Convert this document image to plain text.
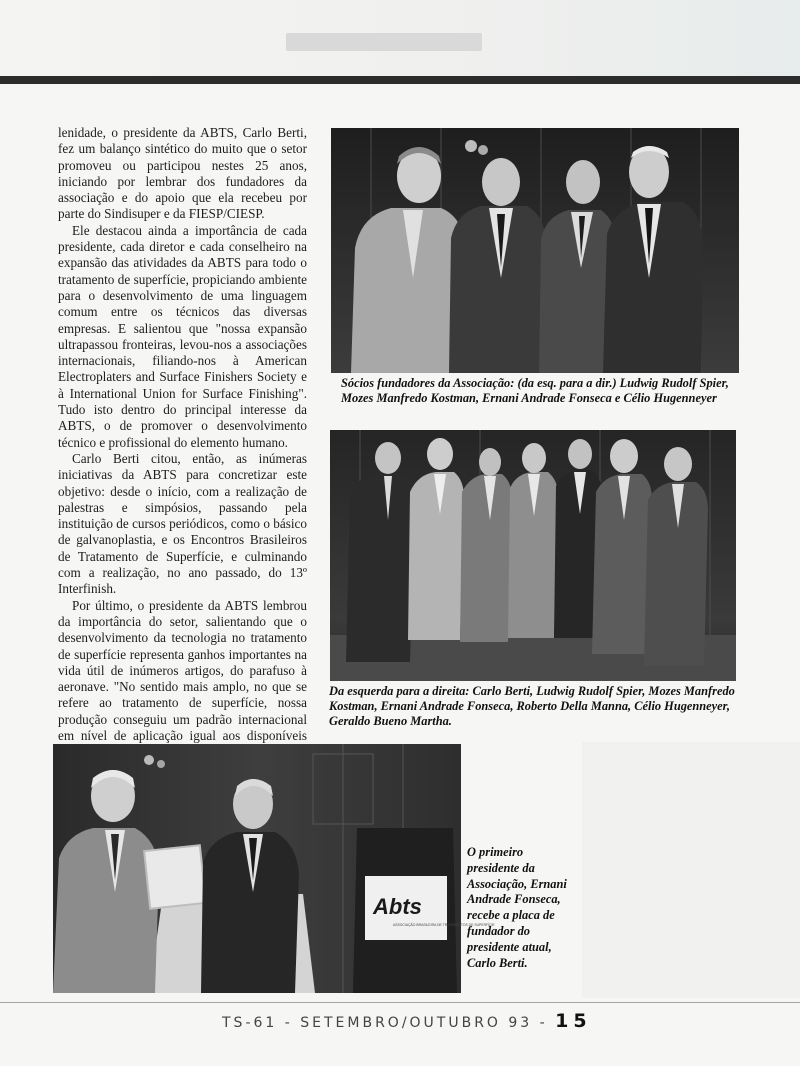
lenidade, o presidente da ABTS, Carlo Berti, fez um balanço sintético do muito que o setor promoveu ou participou nestes 25 anos, iniciando por lembrar dos fundadores da associação e do apoio que ela recebeu por parte do Sindisuper e da FIESP/CIESP.

Ele destacou ainda a importância de cada presidente, cada diretor e cada conselheiro na expansão das atividades da ABTS para todo o tratamento de superfície, propiciando ambiente para o desenvolvimento de uma linguagem comum entre os técnicos das diversas empresas. E salientou que "nossa expansão ultrapassou fronteiras, levou-nos a associações internacionais, filiando-nos à American Electroplaters and Surface Finishers Society e à International Union for Surface Finishing". Tudo isto dentro do principal interesse da ABTS, o de promover o desenvolvimento técnico e profissional do elemento humano.

Carlo Berti citou, então, as inúmeras iniciativas da ABTS para concretizar este objetivo: desde o início, com a realização de palestras e simpósios, passando pela instituição de cursos periódicos, como o básico de galvanoplastia, e os Encontros Brasileiros de Tratamento de Superfície, e culminando com a realização, no ano passado, do 13º Interfinish.

Por último, o presidente da ABTS lembrou da importância do setor, salientando que o desenvolvimento da tecnologia no tratamento de superfície representa ganhos importantes na vida útil de inúmeros artigos, do parafuso à aeronave. "No sentido mais amplo, no que se refere ao tratamento de superfície, nossa produção conseguiu um padrão internacional em nível de aplicação igual aos disponíveis

Sócios fundadores da Associação: (da esq. para a dir.) Ludwig Rudolf Spier, Mozes Manfredo Kostman, Ernani Andrade Fonseca e Célio Hugenneyer
Da esquerda para a direita: Carlo Berti, Ludwig Rudolf Spier, Mozes Manfredo Kostman, Ernani Andrade Fonseca, Roberto Della Manna, Célio Hugenneyer, Geraldo Bueno Martha.
Abts
ASSOCIAÇÃO BRASILEIRA DE TRATAMENTOS DE SUPERFÍCIE
O primeiro presidente da Associação, Ernani Andrade Fonseca, recebe a placa de fundador do presidente atual, Carlo Berti.
TS-61 - SETEMBRO/OUTUBRO 93 - 15
